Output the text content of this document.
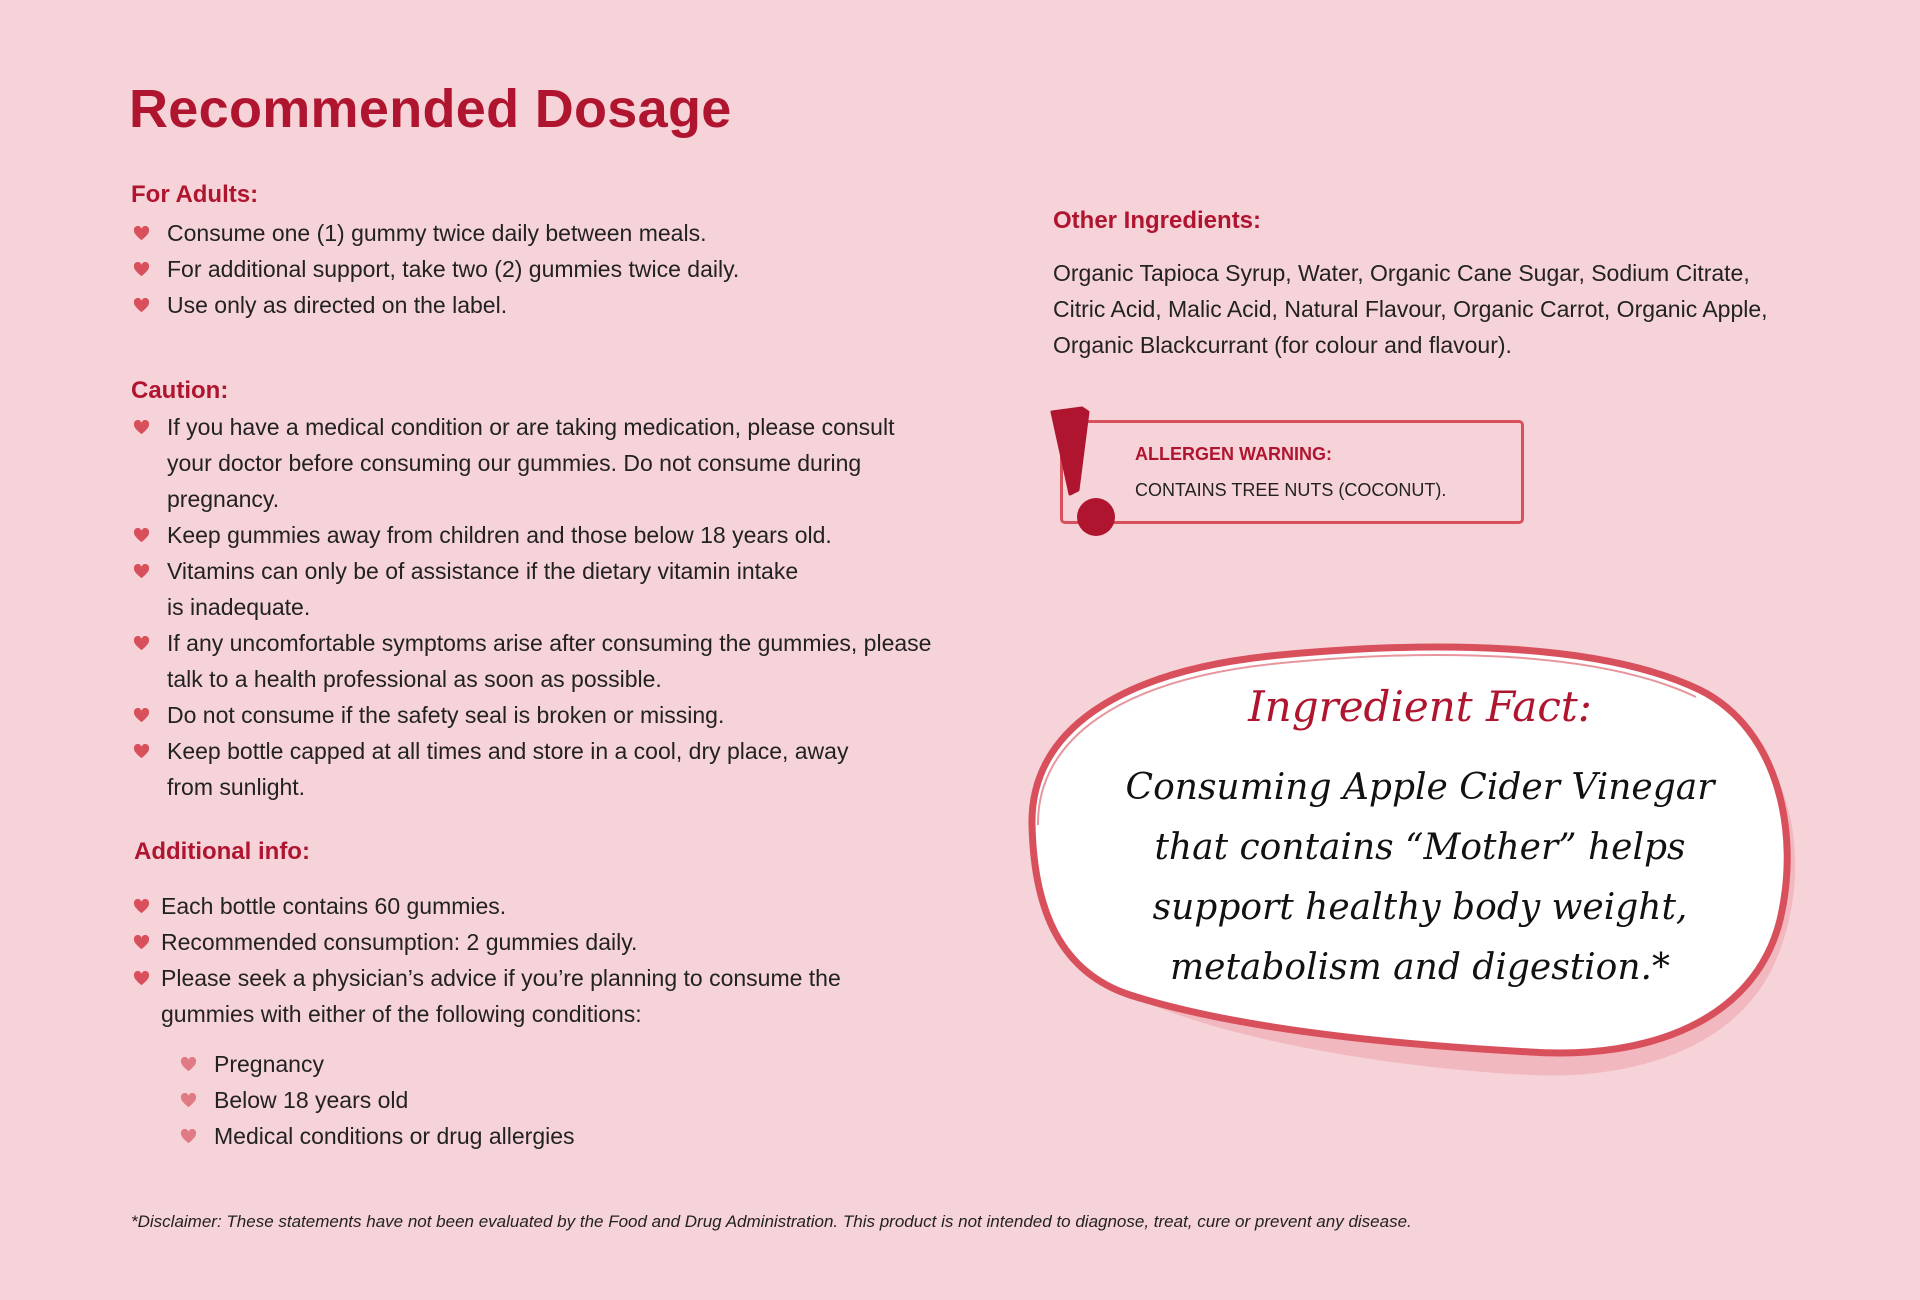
Recommended Dosage
For Adults:
Consume one (1) gummy twice daily between meals.
For additional support, take two (2) gummies twice daily.
Use only as directed on the label.
Caution:
If you have a medical condition or are taking medication, please consult your doctor before consuming our gummies. Do not consume during pregnancy.
Keep gummies away from children and those below 18 years old.
Vitamins can only be of assistance if the dietary vitamin intake is inadequate.
If any uncomfortable symptoms arise after consuming the gummies, please talk to a health professional as soon as possible.
Do not consume if the safety seal is broken or missing.
Keep bottle capped at all times and store in a cool, dry place, away from sunlight.
Additional info:
Each bottle contains 60 gummies.
Recommended consumption: 2 gummies daily.
Please seek a physician’s advice if you’re planning to consume the gummies with either of the following conditions:
Pregnancy
Below 18 years old
Medical conditions or drug allergies
Other Ingredients:

Organic Tapioca Syrup, Water, Organic Cane Sugar, Sodium Citrate, Citric Acid, Malic Acid, Natural Flavour, Organic Carrot, Organic Apple, Organic Blackcurrant (for colour and flavour).

ALLERGEN WARNING:

CONTAINS TREE NUTS (COCONUT).

Ingredient Fact:

Consuming Apple Cider Vinegar that contains “Mother” helps support healthy body weight, metabolism and digestion.*

*Disclaimer: These statements have not been evaluated by the Food and Drug Administration. This product is not intended to diagnose, treat, cure or prevent any disease.
